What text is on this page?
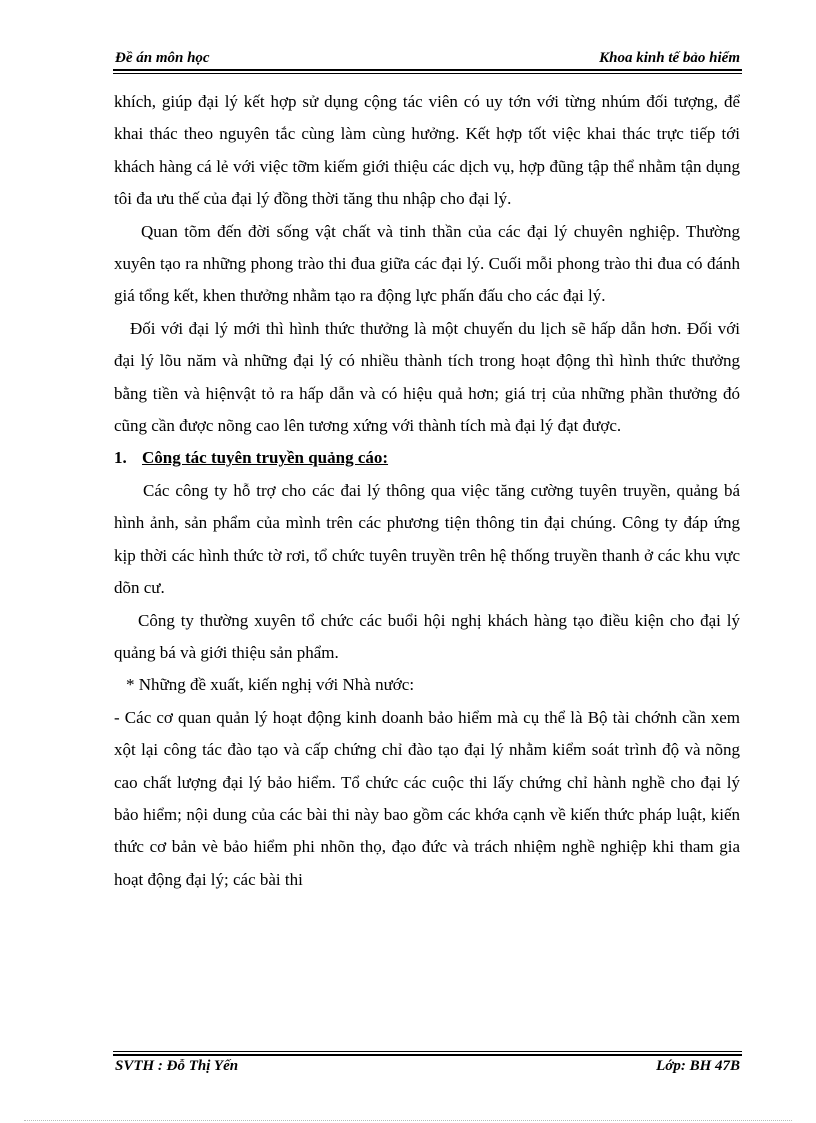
Đề án môn học	Khoa kinh tế bảo hiểm

khích, giúp đại lý kết hợp sử dụng cộng tác viên có uy tớn với từng nhúm đối tượng, để khai thác theo nguyên tắc cùng làm cùng hưởng. Kết hợp tốt việc khai thác trực tiếp tới khách hàng cá lẻ với việc tỡm kiếm giới thiệu các dịch vụ, hợp đũng tập thể nhằm tận dụng tôi đa ưu thế của đại lý đồng thời tăng thu nhập cho đại lý.

Quan tõm đến đời sống vật chất và tinh thần của các đại lý chuyên nghiệp. Thường xuyên tạo ra những phong trào thi đua giữa các đại lý. Cuối mỗi phong trào thi đua có đánh giá tổng kết, khen thưởng nhằm tạo ra động lực phấn đấu cho các đại lý.

Đối với đại lý mới thì hình thức thưởng là một chuyến du lịch sẽ hấp dẫn hơn. Đối với đại lý lõu năm và những đại lý có nhiều thành tích trong hoạt động thì hình thức thưởng bằng tiền và hiệnvật tỏ ra hấp dẫn và có hiệu quả hơn; giá trị của những phần thưởng đó cũng cần được nõng cao lên tương xứng với thành tích mà đại lý đạt được.

1. Công tác tuyên truyền quảng cáo:

Các công ty hỗ trợ cho các đai lý thông qua việc tăng cường tuyên truyền, quảng bá hình ảnh, sản phẩm của mình trên các phương tiện thông tin đại chúng. Công ty đáp ứng kịp thời các hình thức tờ rơi, tổ chức tuyên truyền trên hệ thống truyền thanh ở các khu vực dõn cư.

Công ty thường xuyên tổ chức các buổi hội nghị khách hàng tạo điều kiện cho đại lý quảng bá và giới thiệu sản phẩm.

* Những đề xuất, kiến nghị với Nhà nước:

- Các cơ quan quản lý hoạt động kinh doanh bảo hiểm mà cụ thể là Bộ tài chớnh cần xem xột lại công tác đào tạo và cấp chứng chỉ đào tạo đại lý nhằm kiểm soát trình độ và nõng cao chất lượng đại lý bảo hiểm. Tổ chức các cuộc thi lấy chứng chỉ hành nghề cho đại lý bảo hiểm; nội dung của các bài thi này bao gồm các khớa cạnh về kiến thức pháp luật, kiến thức cơ bản vè bảo hiểm phi nhõn thọ, đạo đức và trách nhiệm nghề nghiệp khi tham gia hoạt động đại lý; các bài thi

SVTH : Đỗ Thị Yến	Lớp: BH 47B
